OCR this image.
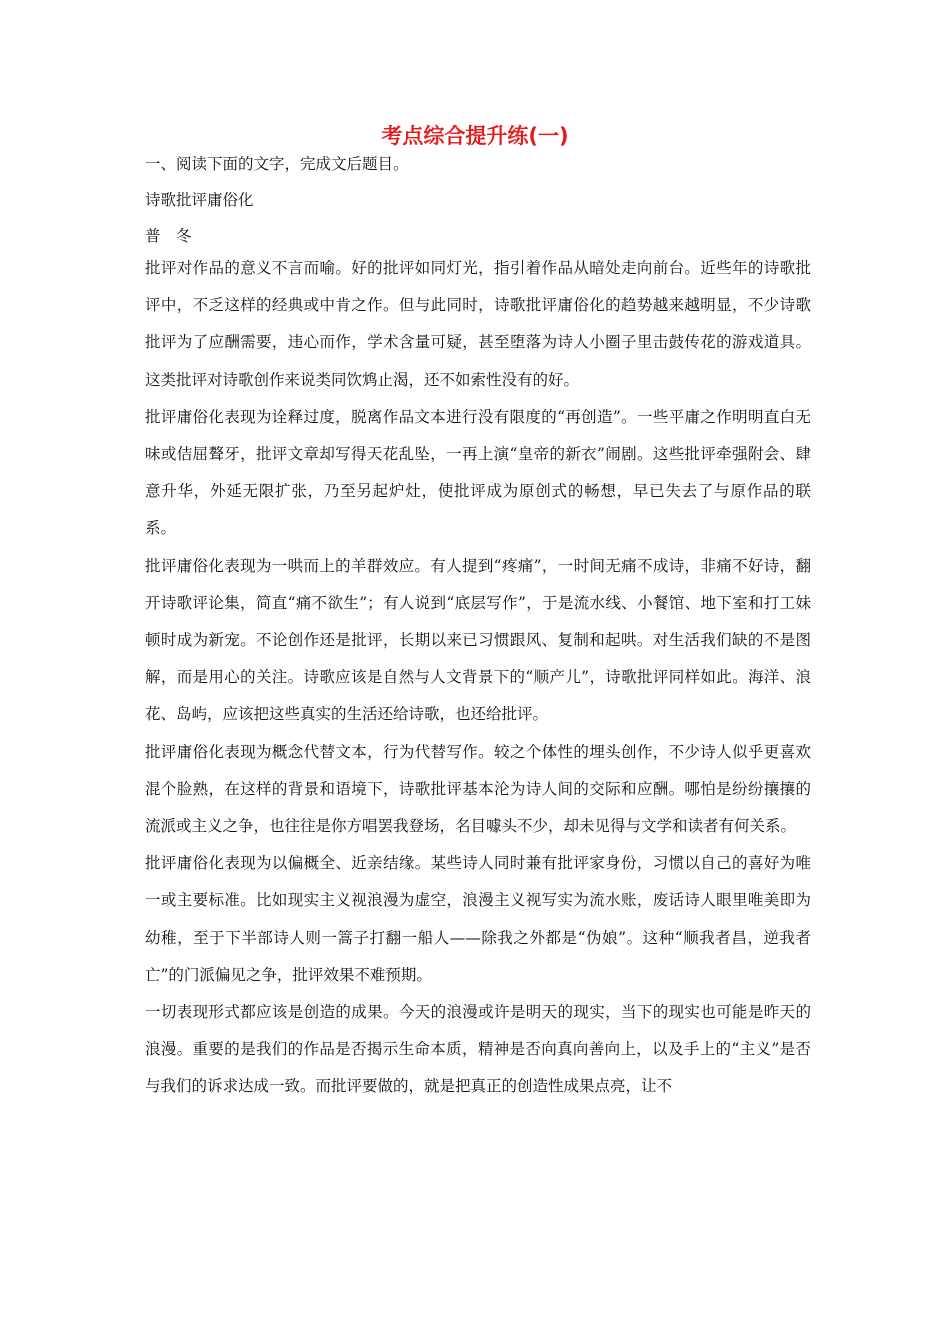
考点综合提升练(一)

一、阅读下面的文字，完成文后题目。

诗歌批评庸俗化

普　冬

批评对作品的意义不言而喻。好的批评如同灯光，指引着作品从暗处走向前台。近些年的诗歌批评中，不乏这样的经典或中肯之作。但与此同时，诗歌批评庸俗化的趋势越来越明显，不少诗歌批评为了应酬需要，违心而作，学术含量可疑，甚至堕落为诗人小圈子里击鼓传花的游戏道具。这类批评对诗歌创作来说类同饮鸩止渴，还不如索性没有的好。

批评庸俗化表现为诠释过度，脱离作品文本进行没有限度的“再创造”。一些平庸之作明明直白无味或佶屈聱牙，批评文章却写得天花乱坠，一再上演“皇帝的新衣”闹剧。这些批评牵强附会、肆意升华，外延无限扩张，乃至另起炉灶，使批评成为原创式的畅想，早已失去了与原作品的联系。

批评庸俗化表现为一哄而上的羊群效应。有人提到“疼痛”，一时间无痛不成诗，非痛不好诗，翻开诗歌评论集，简直“痛不欲生”；有人说到“底层写作”，于是流水线、小餐馆、地下室和打工妹顿时成为新宠。不论创作还是批评，长期以来已习惯跟风、复制和起哄。对生活我们缺的不是图解，而是用心的关注。诗歌应该是自然与人文背景下的“顺产儿”，诗歌批评同样如此。海洋、浪花、岛屿，应该把这些真实的生活还给诗歌，也还给批评。

批评庸俗化表现为概念代替文本，行为代替写作。较之个体性的埋头创作，不少诗人似乎更喜欢混个脸熟，在这样的背景和语境下，诗歌批评基本沦为诗人间的交际和应酬。哪怕是纷纷攘攘的流派或主义之争，也往往是你方唱罢我登场，名目噱头不少，却未见得与文学和读者有何关系。

批评庸俗化表现为以偏概全、近亲结缘。某些诗人同时兼有批评家身份，习惯以自己的喜好为唯一或主要标准。比如现实主义视浪漫为虚空，浪漫主义视写实为流水账，废话诗人眼里唯美即为幼稚，至于下半部诗人则一篙子打翻一船人——除我之外都是“伪娘”。这种“顺我者昌，逆我者亡”的门派偏见之争，批评效果不难预期。

一切表现形式都应该是创造的成果。今天的浪漫或许是明天的现实，当下的现实也可能是昨天的浪漫。重要的是我们的作品是否揭示生命本质，精神是否向真向善向上，以及手上的“主义”是否与我们的诉求达成一致。而批评要做的，就是把真正的创造性成果点亮，让不
